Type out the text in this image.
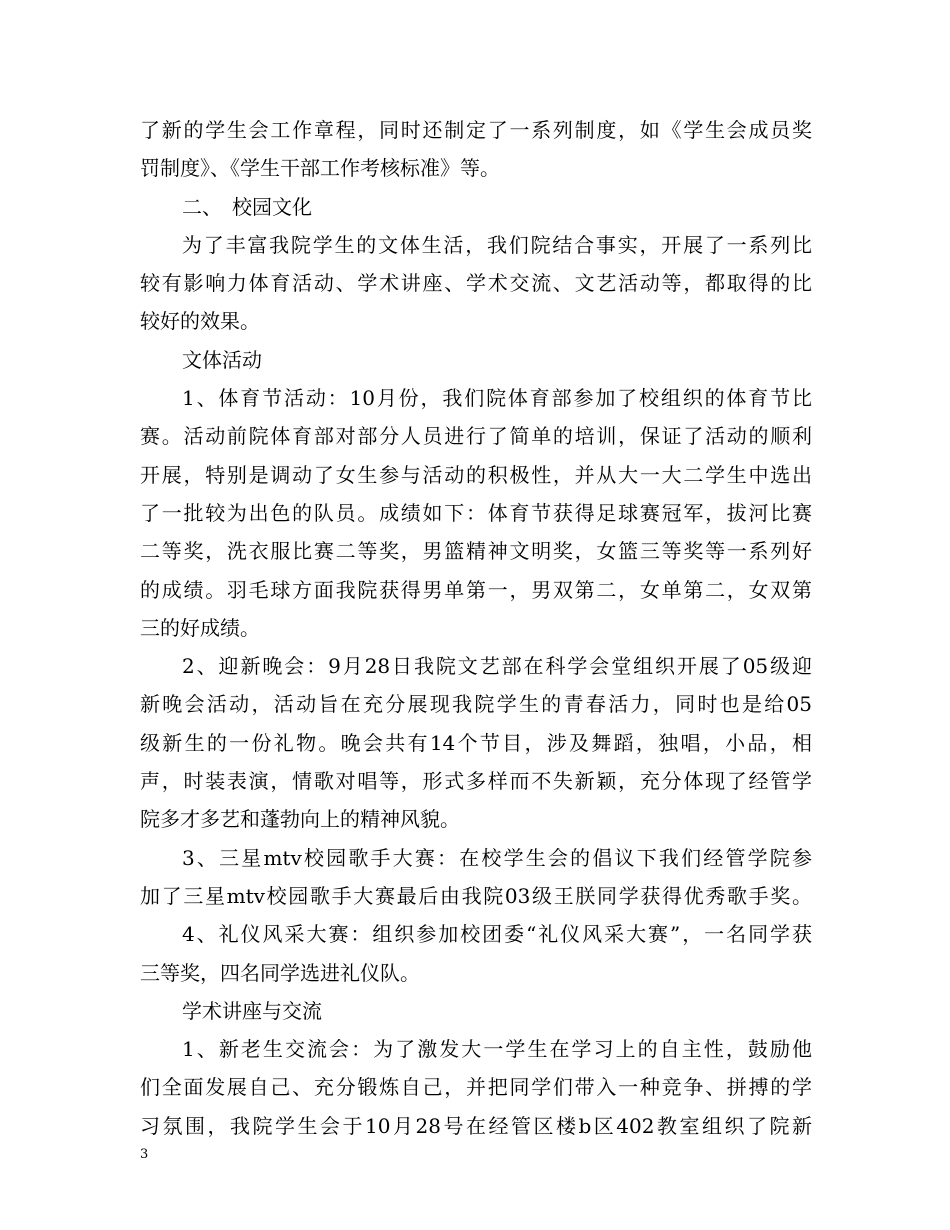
了新的学生会工作章程，同时还制定了一系列制度，如《学生会成员奖
罚制度》、《学生干部工作考核标准》等。
二、　校园文化
为了丰富我院学生的文体生活，我们院结合事实，开展了一系列比
较有影响力体育活动、学术讲座、学术交流、文艺活动等，都取得的比
较好的效果。
文体活动
1、体育节活动：10月份，我们院体育部参加了校组织的体育节比
赛。活动前院体育部对部分人员进行了简单的培训，保证了活动的顺利
开展，特别是调动了女生参与活动的积极性，并从大一大二学生中选出
了一批较为出色的队员。成绩如下：体育节获得足球赛冠军，拔河比赛
二等奖，洗衣服比赛二等奖，男篮精神文明奖，女篮三等奖等一系列好
的成绩。羽毛球方面我院获得男单第一，男双第二，女单第二，女双第
三的好成绩。
2、迎新晚会：9月28日我院文艺部在科学会堂组织开展了05级迎
新晚会活动，活动旨在充分展现我院学生的青春活力，同时也是给05
级新生的一份礼物。晚会共有14个节目，涉及舞蹈，独唱，小品，相
声，时装表演，情歌对唱等，形式多样而不失新颖，充分体现了经管学
院多才多艺和蓬勃向上的精神风貌。
3、三星mtv校园歌手大赛：在校学生会的倡议下我们经管学院参
加了三星mtv校园歌手大赛最后由我院03级王朕同学获得优秀歌手奖。
4、礼仪风采大赛：组织参加校团委“礼仪风采大赛”，一名同学获
三等奖，四名同学选进礼仪队。
学术讲座与交流
1、新老生交流会：为了激发大一学生在学习上的自主性，鼓励他
们全面发展自己、充分锻炼自己，并把同学们带入一种竞争、拼搏的学
习氛围，我院学生会于10月28号在经管区楼b区402教室组织了院新
3
